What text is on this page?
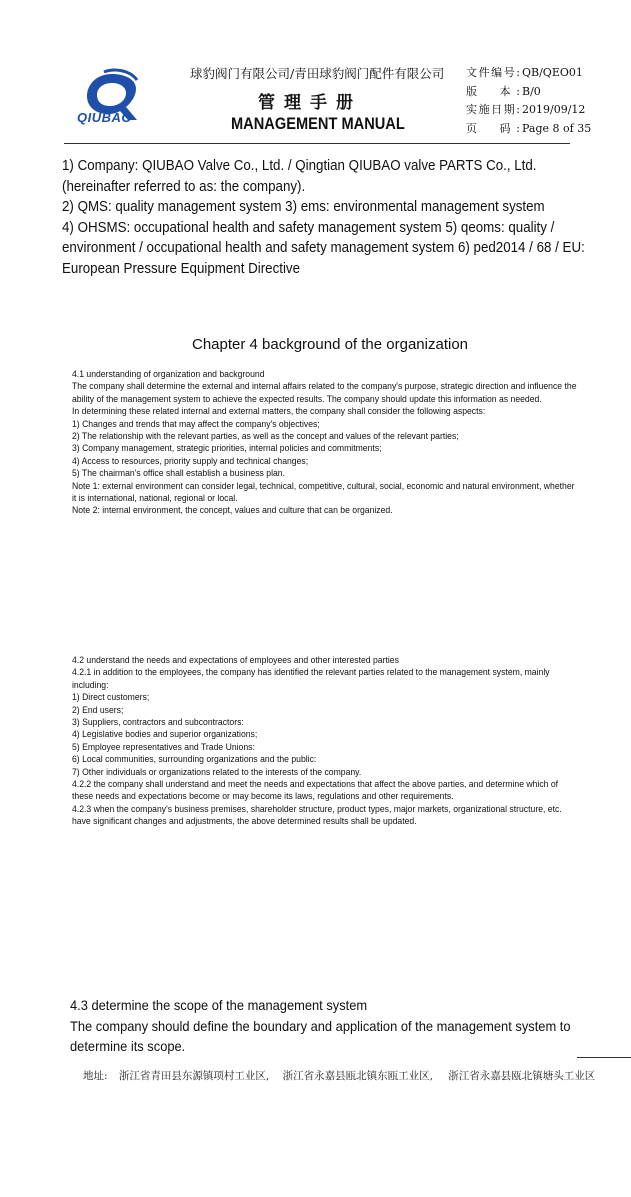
QIUBAO
球豹阀门有限公司/青田球豹阀门配件有限公司
管理手册
MANAGEMENT MANUAL
文件编号: QB/QEO01
版　本: B/0
实施日期: 2019/09/12
页　码: Page 8 of 35

1) Company: QIUBAO Valve Co., Ltd. / Qingtian QIUBAO valve PARTS Co., Ltd.

(hereinafter referred to as: the company).

2) QMS: quality management system 3) ems: environmental management system

4) OHSMS: occupational health and safety management system 5) qeoms: quality /

environment / occupational health and safety management system 6) ped2014 / 68 / EU:

European Pressure Equipment Directive

Chapter 4 background of the organization

4.1 understanding of organization and background

The company shall determine the external and internal affairs related to the company's purpose, strategic direction and influence the

ability of the management system to achieve the expected results. The company should update this information as needed.

In determining these related internal and external matters, the company shall consider the following aspects:

1) Changes and trends that may affect the company's objectives;

2) The relationship with the relevant parties, as well as the concept and values of the relevant parties;

3) Company management, strategic priorities, internal policies and commitments;

4) Access to resources, priority supply and technical changes;

5) The chairman's office shall establish a business plan.

Note 1: external environment can consider legal, technical, competitive, cultural, social, economic and natural environment, whether

it is international, national, regional or local.

Note 2: internal environment, the concept, values and culture that can be organized.

4.2 understand the needs and expectations of employees and other interested parties

4.2.1 in addition to the employees, the company has identified the relevant parties related to the management system, mainly

including:

1) Direct customers;

2) End users;

3) Suppliers, contractors and subcontractors:

4) Legislative bodies and superior organizations;

5) Employee representatives and Trade Unions:

6) Local communities, surrounding organizations and the public:

7) Other individuals or organizations related to the interests of the company.

4.2.2 the company shall understand and meet the needs and expectations that affect the above parties, and determine which of

these needs and expectations become or may become its laws, regulations and other requirements.

4.2.3 when the company's business premises, shareholder structure, product types, major markets, organizational structure, etc.

have significant changes and adjustments, the above determined results shall be updated.

4.3 determine the scope of the management system

The company should define the boundary and application of the management system to

determine its scope.

地址: 浙江省青田县东源镇项村工业区, 浙江省永嘉县瓯北镇东瓯工业区, 浙江省永嘉县瓯北镇塘头工业区
